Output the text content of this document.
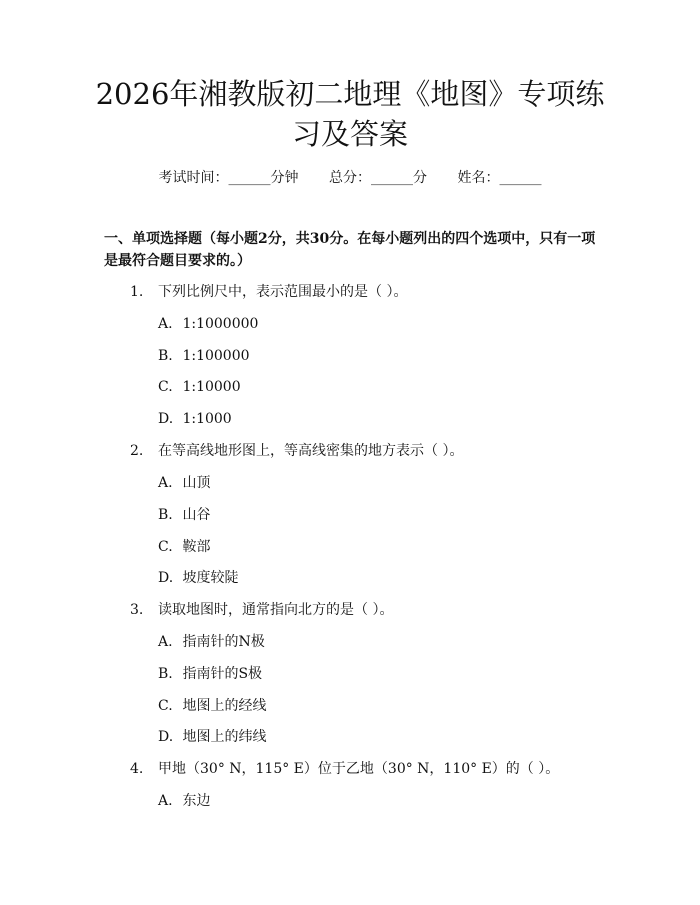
2026年湘教版初二地理《地图》专项练习及答案
考试时间：______分钟 总分：______分 姓名：______
一、单项选择题（每小题2分，共30分。在每小题列出的四个选项中，只有一项是最符合题目要求的。）
1. 下列比例尺中，表示范围最小的是（ ）。
A. 1:1000000
B. 1:100000
C. 1:10000
D. 1:1000
2. 在等高线地形图上，等高线密集的地方表示（ ）。
A. 山顶
B. 山谷
C. 鞍部
D. 坡度较陡
3. 读取地图时，通常指向北方的是（ ）。
A. 指南针的N极
B. 指南针的S极
C. 地图上的经线
D. 地图上的纬线
4. 甲地（30° N，115° E）位于乙地（30° N，110° E）的（ ）。
A. 东边
